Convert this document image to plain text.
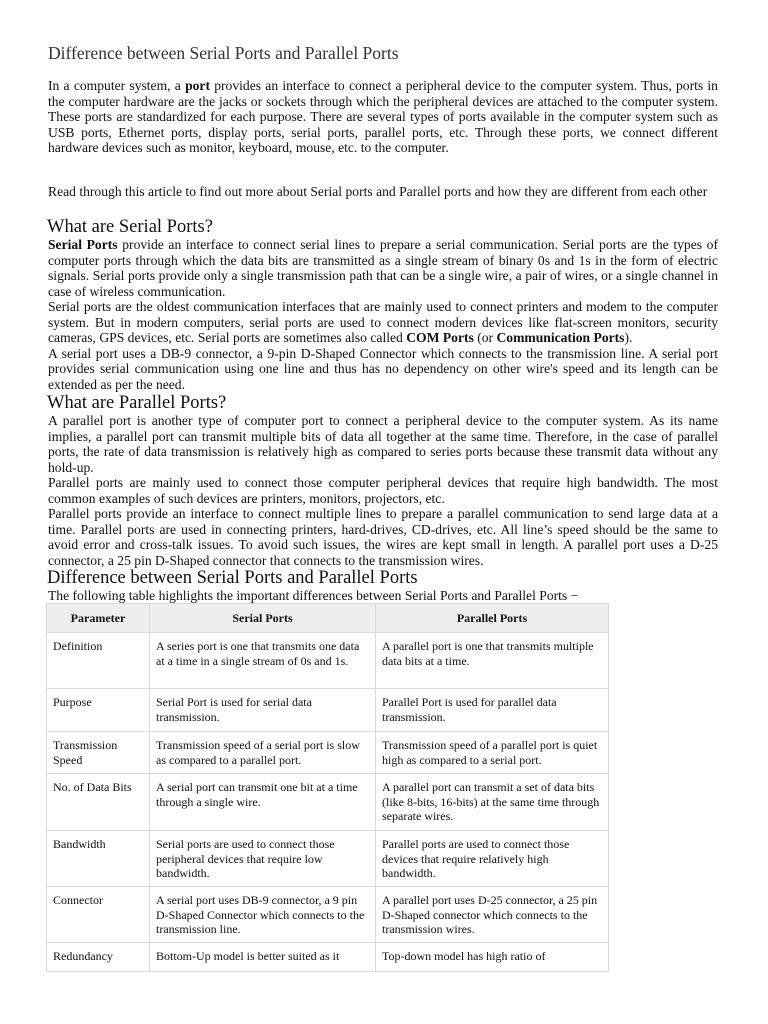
Difference between Serial Ports and Parallel Ports

In a computer system, a port provides an interface to connect a peripheral device to the computer system. Thus, ports in the computer hardware are the jacks or sockets through which the peripheral devices are attached to the computer system. These ports are standardized for each purpose. There are several types of ports available in the computer system such as USB ports, Ethernet ports, display ports, serial ports, parallel ports, etc. Through these ports, we connect different hardware devices such as monitor, keyboard, mouse, etc. to the computer.

Read through this article to find out more about Serial ports and Parallel ports and how they are different from each other

What are Serial Ports?

Serial Ports provide an interface to connect serial lines to prepare a serial communication. Serial ports are the types of computer ports through which the data bits are transmitted as a single stream of binary 0s and 1s in the form of electric signals. Serial ports provide only a single transmission path that can be a single wire, a pair of wires, or a single channel in case of wireless communication.

Serial ports are the oldest communication interfaces that are mainly used to connect printers and modem to the computer system. But in modern computers, serial ports are used to connect modern devices like flat-screen monitors, security cameras, GPS devices, etc. Serial ports are sometimes also called COM Ports (or Communication Ports).

A serial port uses a DB-9 connector, a 9-pin D-Shaped Connector which connects to the transmission line. A serial port provides serial communication using one line and thus has no dependency on other wire's speed and its length can be extended as per the need.

What are Parallel Ports?

A parallel port is another type of computer port to connect a peripheral device to the computer system. As its name implies, a parallel port can transmit multiple bits of data all together at the same time. Therefore, in the case of parallel ports, the rate of data transmission is relatively high as compared to series ports because these transmit data without any hold-up.

Parallel ports are mainly used to connect those computer peripheral devices that require high bandwidth. The most common examples of such devices are printers, monitors, projectors, etc.

Parallel ports provide an interface to connect multiple lines to prepare a parallel communication to send large data at a time. Parallel ports are used in connecting printers, hard-drives, CD-drives, etc. All line’s speed should be the same to avoid error and cross-talk issues. To avoid such issues, the wires are kept small in length. A parallel port uses a D-25 connector, a 25 pin D-Shaped connector that connects to the transmission wires.

Difference between Serial Ports and Parallel Ports

The following table highlights the important differences between Serial Ports and Parallel Ports −

Parameter	Serial Ports	Parallel Ports
Definition	A series port is one that transmits one data at a time in a single stream of 0s and 1s.	A parallel port is one that transmits multiple data bits at a time.
Purpose	Serial Port is used for serial data transmission.	Parallel Port is used for parallel data transmission.
Transmission Speed	Transmission speed of a serial port is slow as compared to a parallel port.	Transmission speed of a parallel port is quiet high as compared to a serial port.
No. of Data Bits	A serial port can transmit one bit at a time through a single wire.	A parallel port can transmit a set of data bits (like 8-bits, 16-bits) at the same time through separate wires.
Bandwidth	Serial ports are used to connect those peripheral devices that require low bandwidth.	Parallel ports are used to connect those devices that require relatively high bandwidth.
Connector	A serial port uses DB-9 connector, a 9 pin D-Shaped Connector which connects to the transmission line.	A parallel port uses D-25 connector, a 25 pin D-Shaped connector which connects to the transmission wires.
Redundancy	Bottom-Up model is better suited as it	Top-down model has high ratio of
